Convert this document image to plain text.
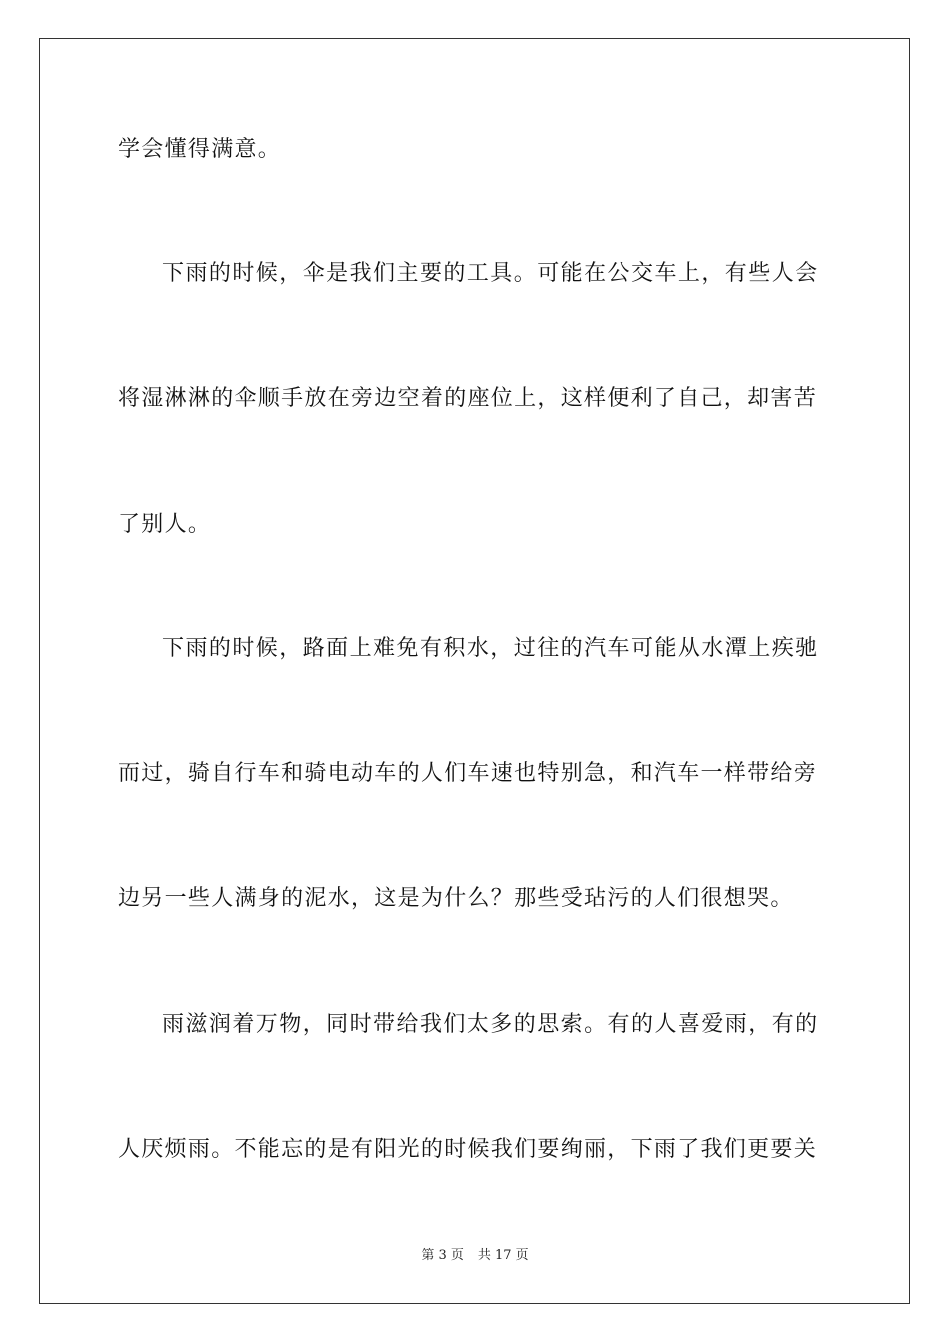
学会懂得满意。
下雨的时候，伞是我们主要的工具。可能在公交车上，有些人会
将湿淋淋的伞顺手放在旁边空着的座位上，这样便利了自己，却害苦
了别人。
下雨的时候，路面上难免有积水，过往的汽车可能从水潭上疾驰
而过，骑自行车和骑电动车的人们车速也特别急，和汽车一样带给旁
边另一些人满身的泥水，这是为什么？那些受玷污的人们很想哭。
雨滋润着万物，同时带给我们太多的思索。有的人喜爱雨，有的
人厌烦雨。不能忘的是有阳光的时候我们要绚丽，下雨了我们更要关
第 3 页 共 17 页
